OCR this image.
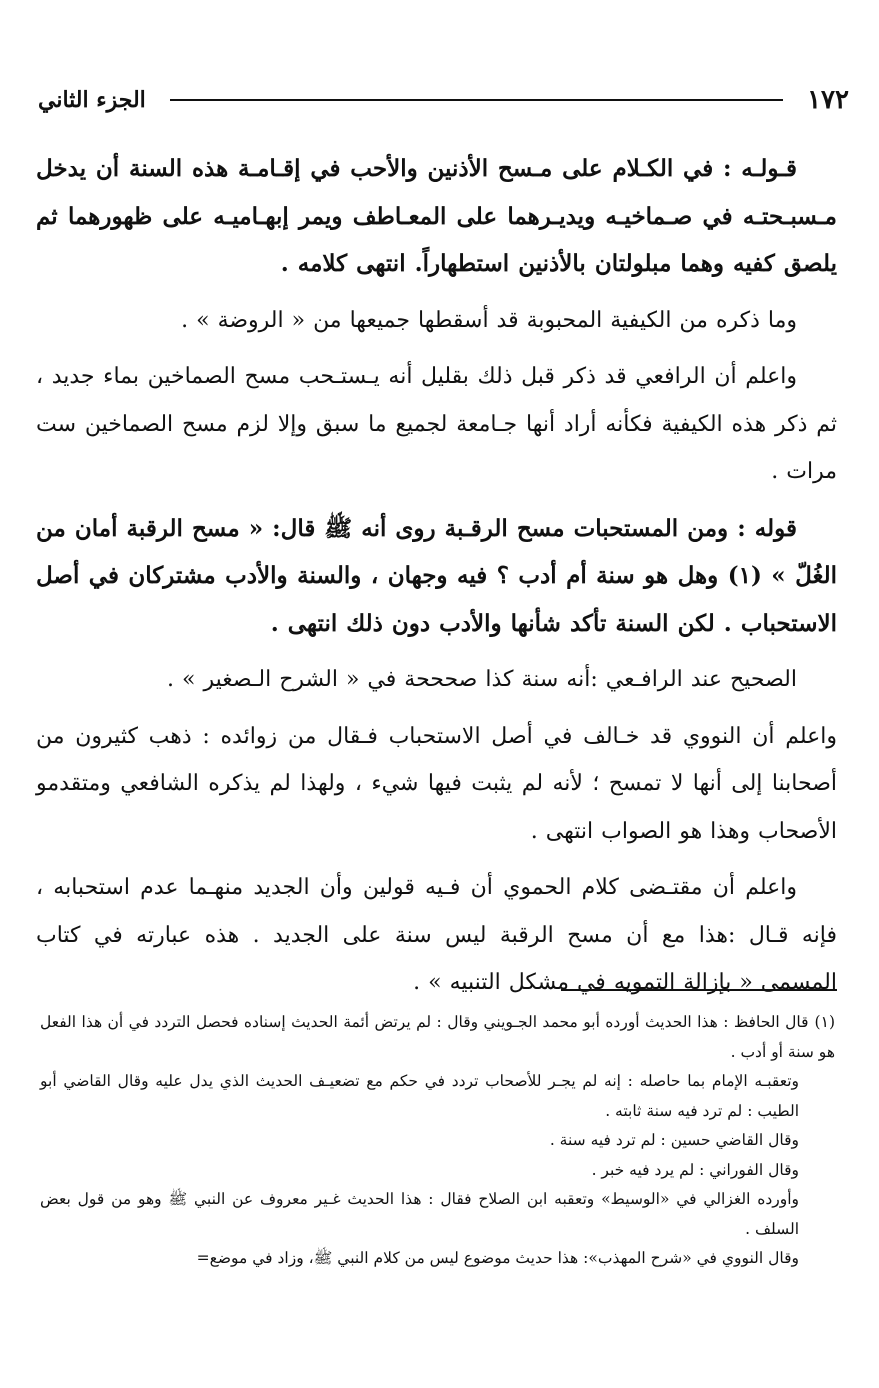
١٧٢
الجزء الثاني

قـولـه : في الكـلام على مـسح الأذنين والأحب في إقـامـة هذه السنة أن يدخل مـسبـحتـه في صـماخيـه ويديـرهما على المعـاطف ويمر إبهـاميـه على ظهورهما ثم يلصق كفيه وهما مبلولتان بالأذنين استطهاراً. انتهى كلامه .

وما ذكره من الكيفية المحبوبة قد أسقطها جميعها من « الروضة » .

واعلم أن الرافعي قد ذكر قبل ذلك بقليل أنه يـستـحب مسح الصماخين بماء جديد ، ثم ذكر هذه الكيفية فكأنه أراد أنها جـامعة لجميع ما سبق وإلا لزم مسح الصماخين ست مرات .

قوله : ومن المستحبات مسح الرقـبة روى أنه ﷺ قال: « مسح الرقبة أمان من الغُلّ » (١) وهل هو سنة أم أدب ؟ فيه وجهان ، والسنة والأدب مشتركان في أصل الاستحباب . لكن السنة تأكد شأنها والأدب دون ذلك انتهى .

الصحيح عند الرافـعي :أنه سنة كذا صحححة في « الشرح الـصغير » .

واعلم أن النووي قد خـالف في أصل الاستحباب فـقال من زوائده : ذهب كثيرون من أصحابنا إلى أنها لا تمسح ؛ لأنه لم يثبت فيها شيء ، ولهذا لم يذكره الشافعي ومتقدمو الأصحاب وهذا هو الصواب انتهى .

واعلم أن مقتـضى كلام الحموي أن فـيه قولين وأن الجديد منهـما عدم استحبابه ، فإنه قـال :هذا مع أن مسح الرقبة ليس سنة على الجديد . هذه عبارته في كتاب المسمى « بإزالة التمويه في مشكل التنبيه » .

(١)قال الحافظ : هذا الحديث أورده أبو محمد الجـويني وقال : لم يرتض أئمة الحديث إسناده فحصل التردد في أن هذا الفعل هو سنة أو أدب .

وتعقبـه الإمام بما حاصله : إنه لم يجـر للأصحاب تردد في حكم مع تضعيـف الحديث الذي يدل عليه وقال القاضي أبو الطيب : لم ترد فيه سنة ثابته .

وقال القاضي حسين : لم ترد فيه سنة .

وقال الفوراني : لم يرد فيه خبر .

وأورده الغزالي في «الوسيط» وتعقبه ابن الصلاح فقال : هذا الحديث غـير معروف عن النبي ﷺ وهو من قول بعض السلف .

وقال النووي في «شرح المهذب»: هذا حديث موضوع ليس من كلام النبي ﷺ، وزاد في موضع=
